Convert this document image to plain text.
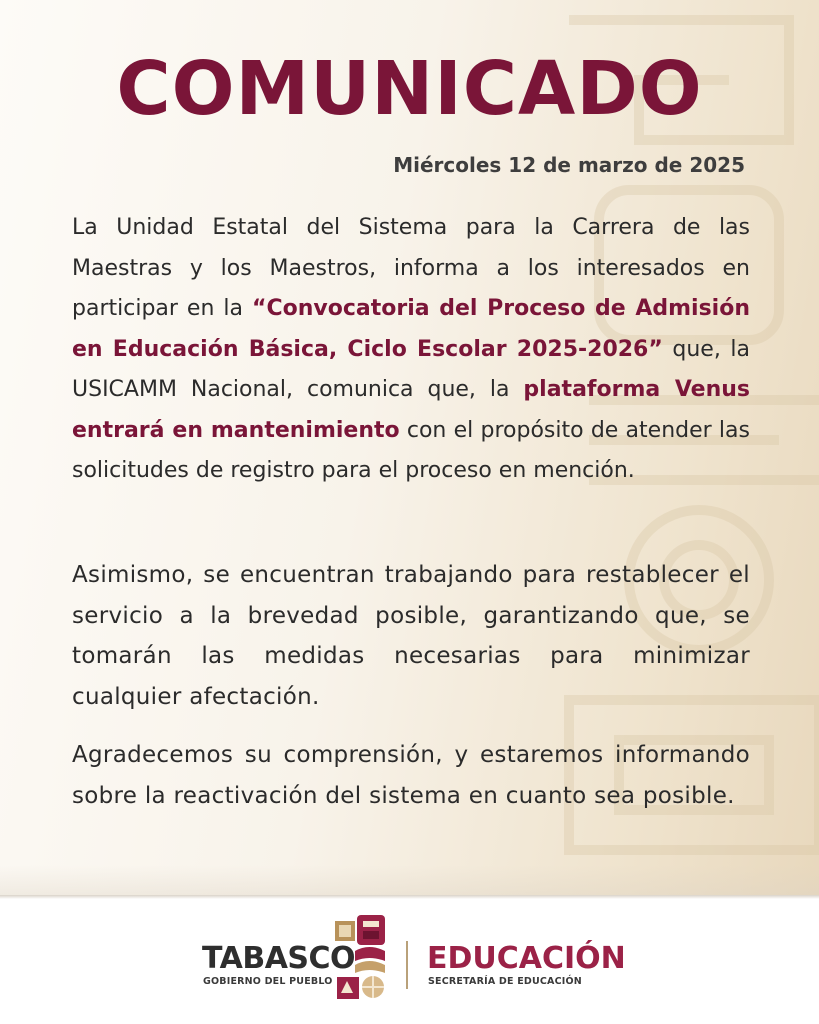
COMUNICADO
Miércoles 12 de marzo de 2025

La Unidad Estatal del Sistema para la Carrera de las Maestras y los Maestros, informa a los interesados en participar en la “Convocatoria del Proceso de Admisión en Educación Básica, Ciclo Escolar 2025-2026” que, la USICAMM Nacional, comunica que, la plataforma Venus entrará en mantenimiento con el propósito de atender las solicitudes de registro para el proceso en mención.

Asimismo, se encuentran trabajando para restablecer el servicio a la brevedad posible, garantizando que, se tomarán las medidas necesarias para minimizar cualquier afectación.

Agradecemos su comprensión, y estaremos informando sobre la reactivación del sistema en cuanto sea posible.

TABASCO
GOBIERNO DEL PUEBLO
EDUCACIÓN
SECRETARÍA DE EDUCACIÓN
